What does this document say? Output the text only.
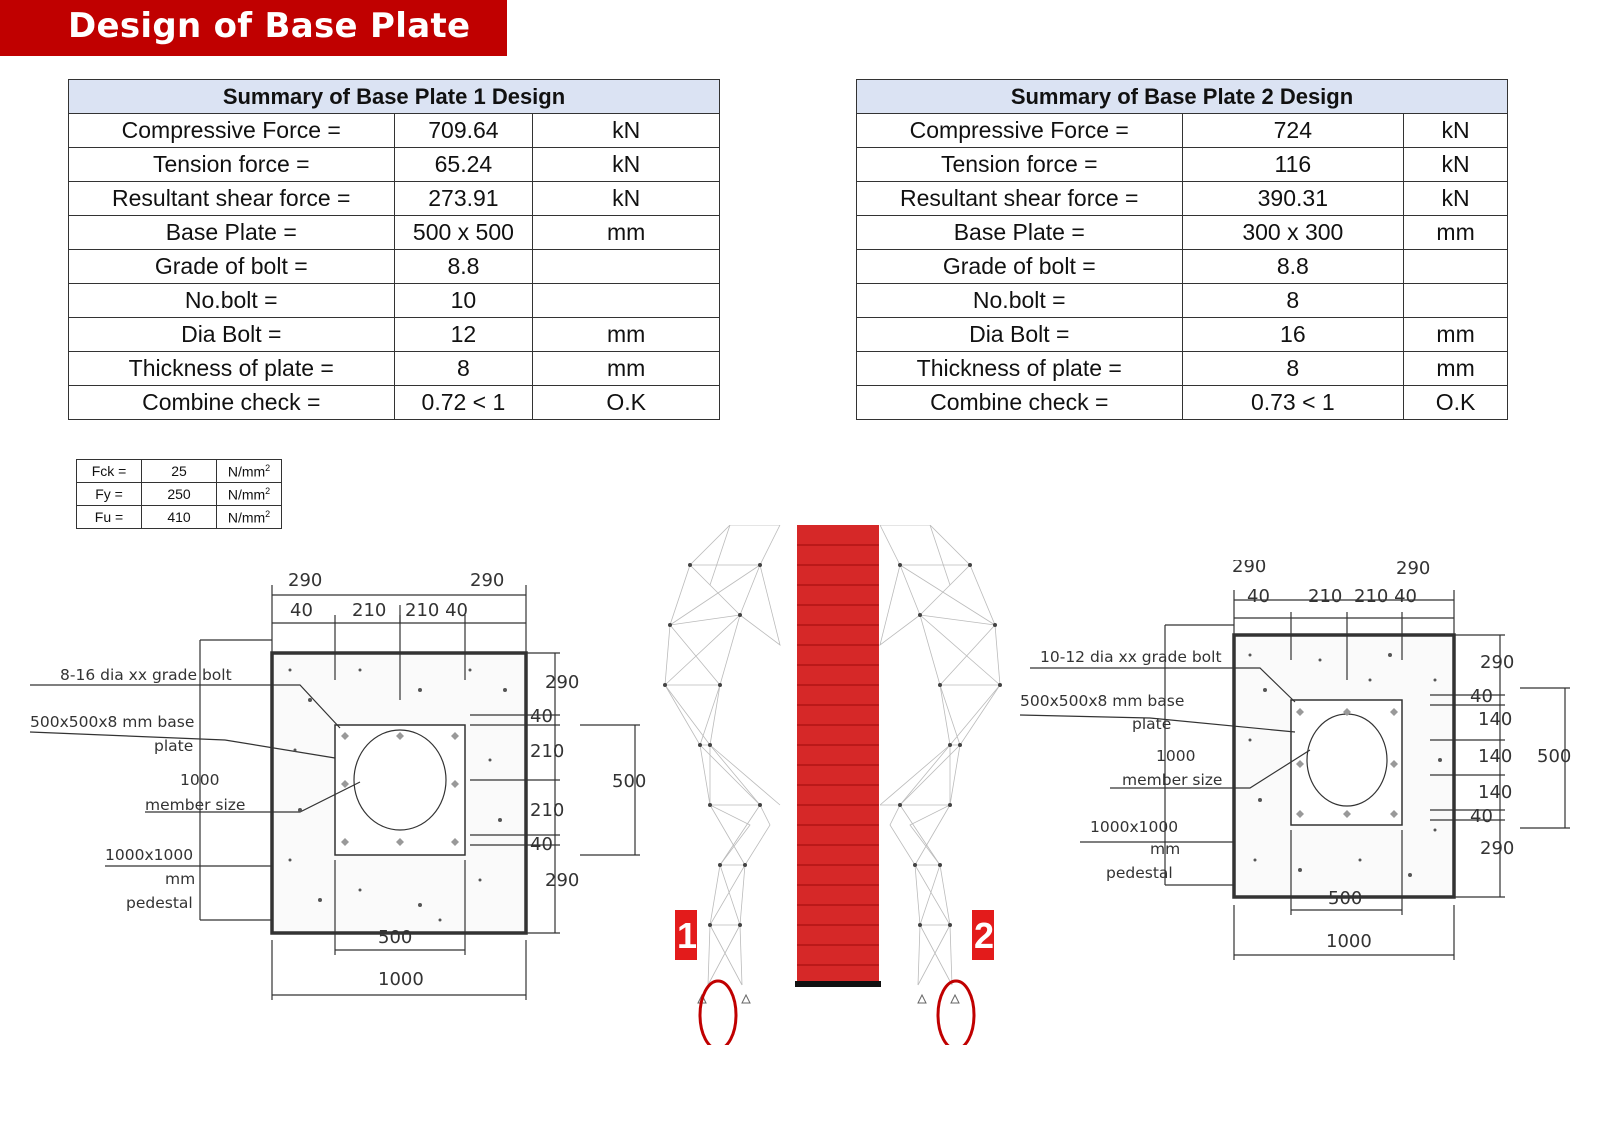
Design of Base Plate
Summary of Base Plate 1 Design		
Compressive Force =	709.64	kN
Tension force =	65.24	kN
Resultant shear force =	273.91	kN
Base Plate =	500 x 500	mm
Grade of bolt =	8.8	
No.bolt =	10	
Dia Bolt =	12	mm
Thickness of plate =	8	mm
Combine check =	0.72 < 1	O.K
Summary of Base Plate 2 Design		
Compressive Force =	724	kN
Tension force =	116	kN
Resultant shear force =	390.31	kN
Base Plate =	300 x 300	mm
Grade of bolt =	8.8	
No.bolt =	8	
Dia Bolt =	16	mm
Thickness of plate =	8	mm
Combine check =	0.73 < 1	O.K
Fck =	25	$N/mm^2$
Fy =	250	$N/mm^2$
Fu =	410	$N/mm^2$
290	290
40 210 210 40
290
40
210
210
40
290
500
500
1000
8-16 dia xx grade bolt
500x500x8 mm base
plate
1000
member size
1000x1000
mm
pedestal
1	2
290	290
40 210 210 40
290
40
140
140
140
40
290
500
500
1000
10-12 dia xx grade bolt
500x500x8 mm base
plate
1000
member size
1000x1000
mm
pedestal
